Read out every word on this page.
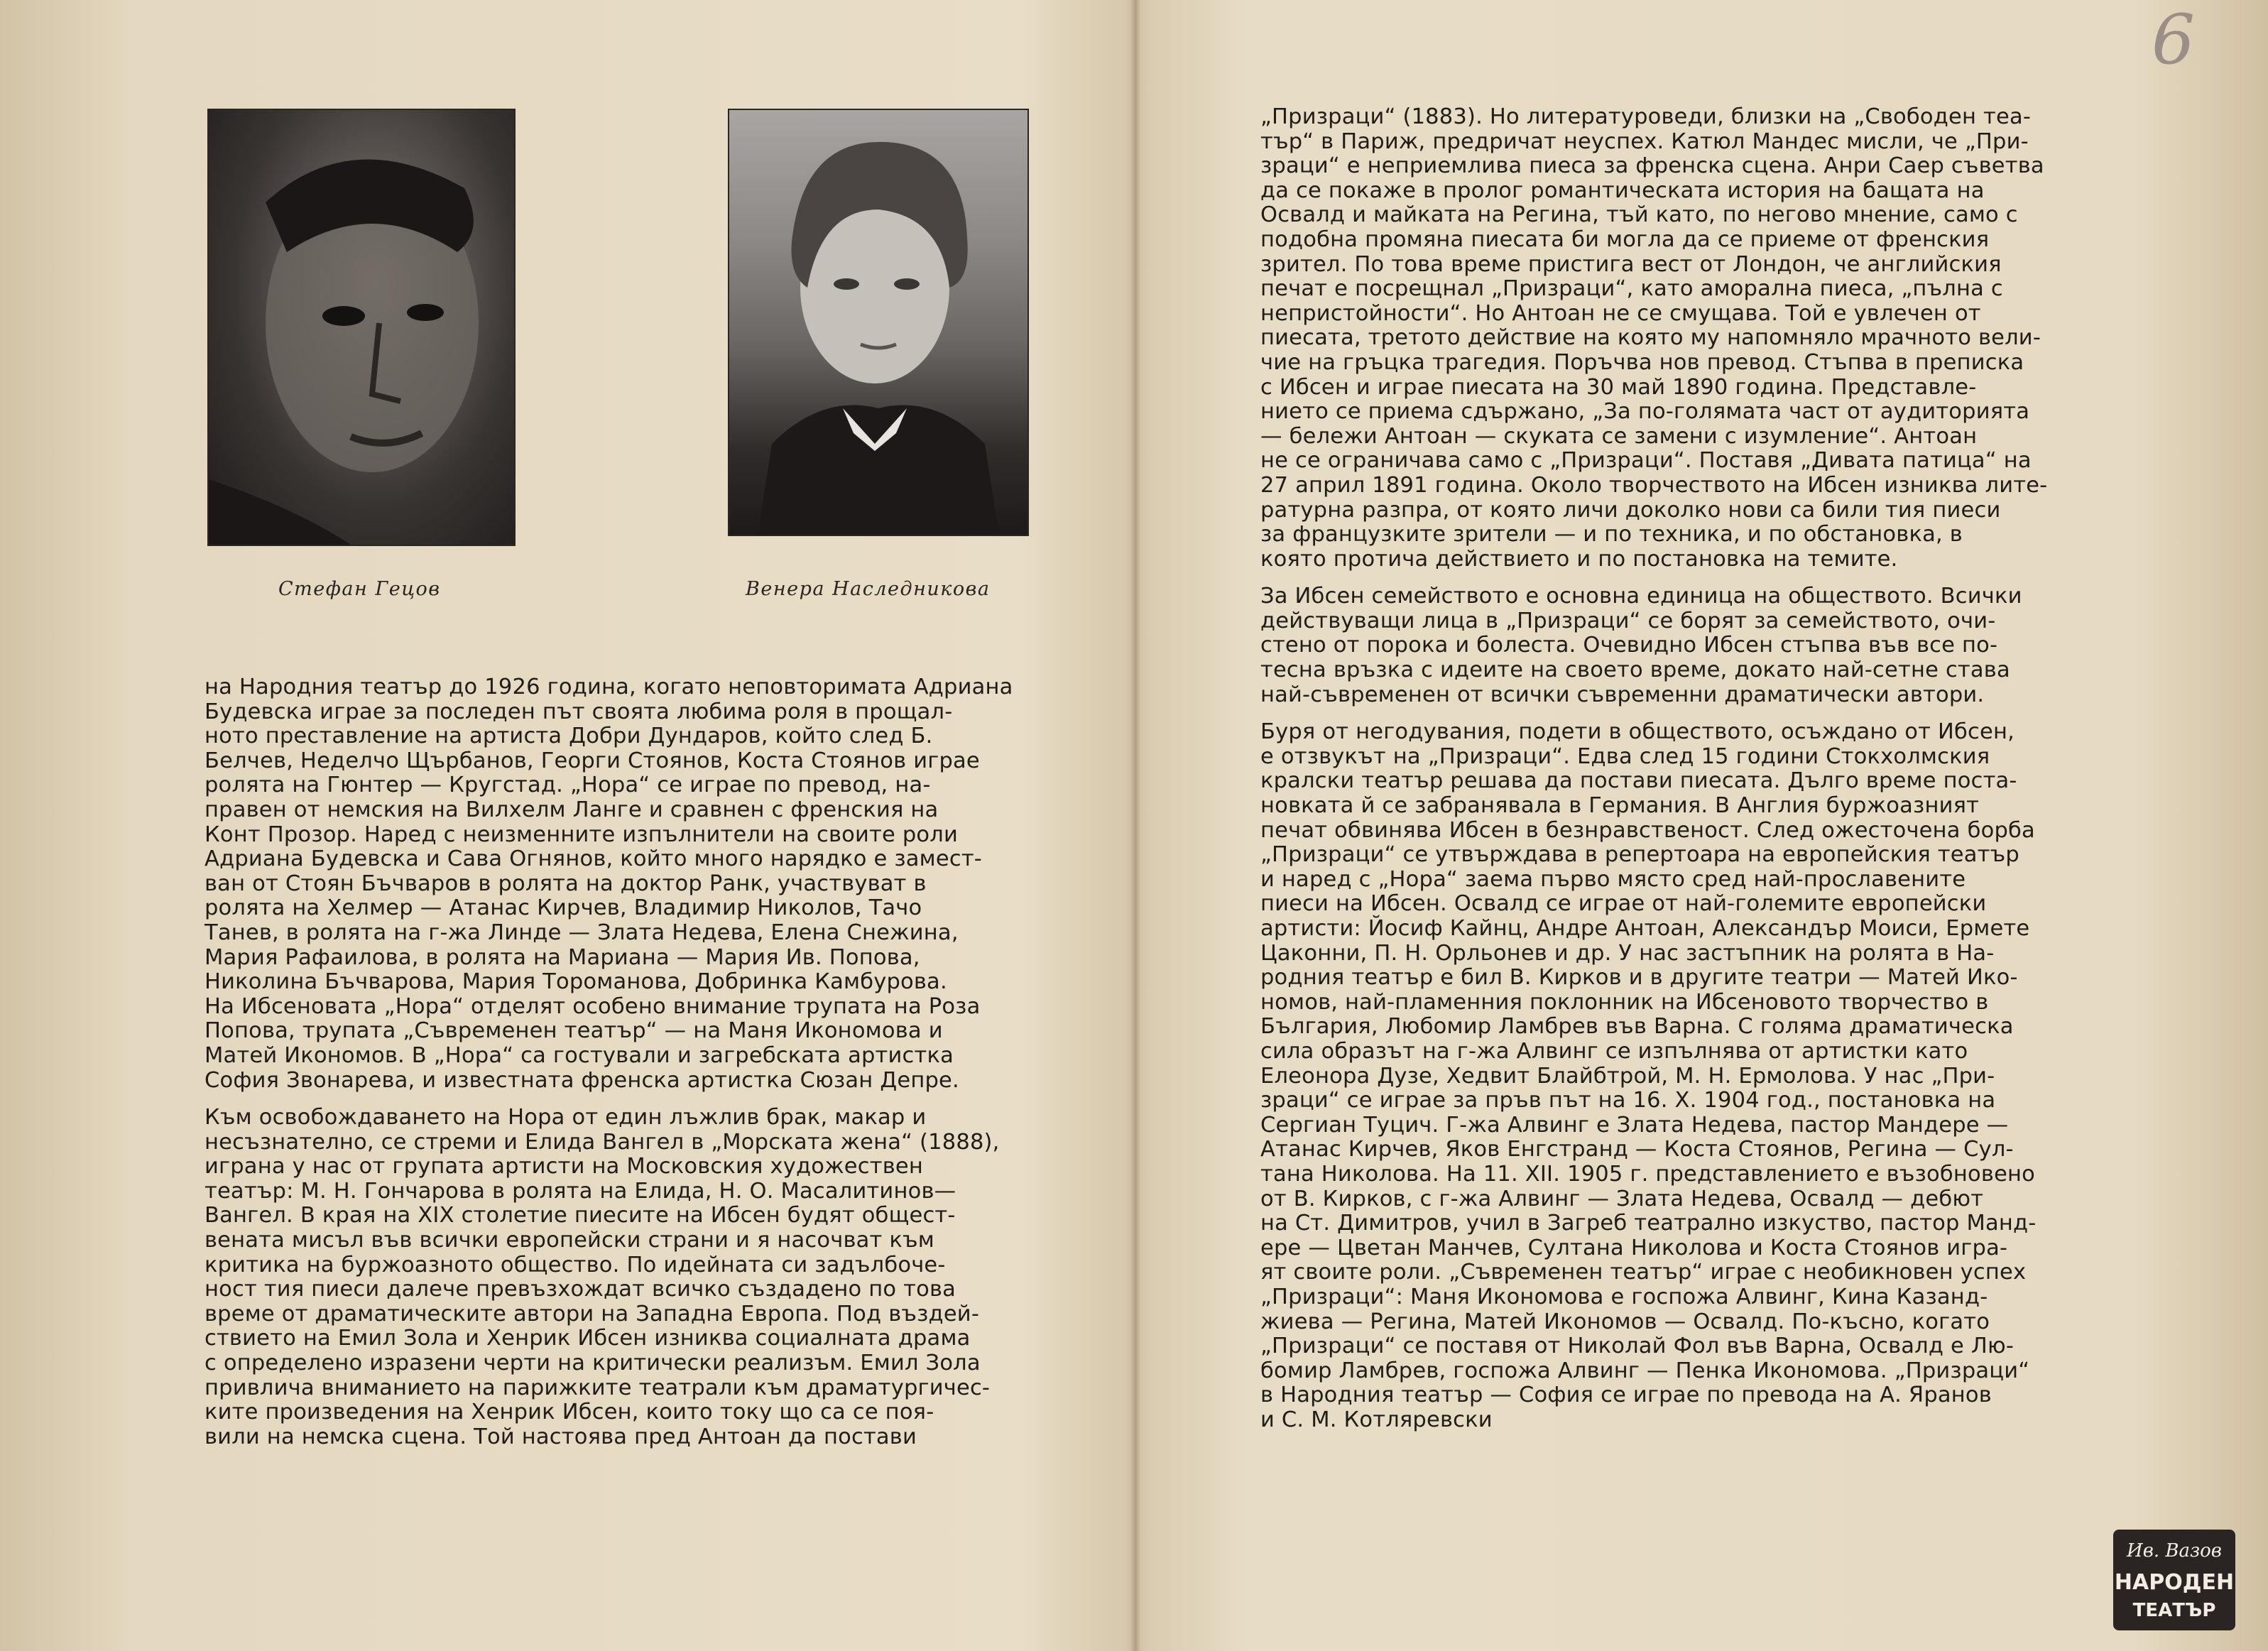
6
Стефан Гецов	Венера Наследникова

на Народния театър до 1926 година, когато неповторимата Адриана

Будевска играе за последен път своята любима роля в прощал-

ното преставление на артиста Добри Дундаров, който след Б.

Белчев, Неделчо Щърбанов, Георги Стоянов, Коста Стоянов играе

ролята на Гюнтер — Кругстад. „Нора“ се играе по превод, на-

правен от немския на Вилхелм Ланге и сравнен с френския на

Конт Прозор. Наред с неизменните изпълнители на своите роли

Адриана Будевска и Сава Огнянов, който много нарядко е замест-

ван от Стоян Бъчваров в ролята на доктор Ранк, участвуват в

ролята на Хелмер — Атанас Кирчев, Владимир Николов, Тачо

Танев, в ролята на г-жа Линде — Злата Недева, Елена Снежина,

Мария Рафаилова, в ролята на Мариана — Мария Ив. Попова,

Николина Бъчварова, Мария Тороманова, Добринка Камбурова.

На Ибсеновата „Нора“ отделят особено внимание трупата на Роза

Попова, трупата „Съвременен театър“ — на Маня Икономова и

Матей Икономов. В „Нора“ са гостували и загребската артистка

София Звонарева, и известната френска артистка Сюзан Депре.

Към освобождаването на Нора от един лъжлив брак, макар и

несъзнателно, се стреми и Елида Вангел в „Морската жена“ (1888),

играна у нас от групата артисти на Московския художествен

театър: М. Н. Гончарова в ролята на Елида, Н. О. Масалитинов—

Вангел. В края на XIX столетие пиесите на Ибсен будят общест-

вената мисъл във всички европейски страни и я насочват към

критика на буржоазното общество. По идейната си задълбоче-

ност тия пиеси далече превъзхождат всичко създадено по това

време от драматическите автори на Западна Европа. Под въздей-

ствието на Емил Зола и Хенрик Ибсен изниква социалната драма

с определено изразени черти на критически реализъм. Емил Зола

привлича вниманието на парижките театрали към драматургичес-

ките произведения на Хенрик Ибсен, които току що са се поя-

вили на немска сцена. Той настоява пред Антоан да постави

„Призраци“ (1883). Но литературоведи, близки на „Свободен теа-

тър“ в Париж, предричат неуспех. Катюл Мандес мисли, че „При-

зраци“ е неприемлива пиеса за френска сцена. Анри Саер съветва

да се покаже в пролог романтическата история на бащата на

Освалд и майката на Регина, тъй като, по негово мнение, само с

подобна промяна пиесата би могла да се приеме от френския

зрител. По това време пристига вест от Лондон, че английския

печат е посрещнал „Призраци“, като аморална пиеса, „пълна с

непристойности“. Но Антоан не се смущава. Той е увлечен от

пиесата, третото действие на която му напомняло мрачното вели-

чие на гръцка трагедия. Поръчва нов превод. Стъпва в преписка

с Ибсен и играе пиесата на 30 май 1890 година. Представле-

нието се приема сдържано, „За по-голямата част от аудиторията

— бележи Антоан — скуката се замени с изумление“. Антоан

не се ограничава само с „Призраци“. Поставя „Дивата патица“ на

27 април 1891 година. Около творчеството на Ибсен изниква лите-

ратурна разпра, от която личи доколко нови са били тия пиеси

за французките зрители — и по техника, и по обстановка, в

която протича действието и по постановка на темите.

За Ибсен семейството е основна единица на обществото. Всички

действуващи лица в „Призраци“ се борят за семейството, очи-

стено от порока и болеста. Очевидно Ибсен стъпва във все по-

тесна връзка с идеите на своето време, докато най-сетне става

най-съвременен от всички съвременни драматически автори.

Буря от негодувания, подети в обществото, осъждано от Ибсен,

е отзвукът на „Призраци“. Едва след 15 години Стокхолмския

кралски театър решава да постави пиесата. Дълго време поста-

новката й се забранявала в Германия. В Англия буржоазният

печат обвинява Ибсен в безнравственост. След ожесточена борба

„Призраци“ се утвърждава в репертоара на европейския театър

и наред с „Нора“ заема първо място сред най-прославените

пиеси на Ибсен. Освалд се играе от най-големите европейски

артисти: Йосиф Кайнц, Андре Антоан, Александър Моиси, Ермете

Цаконни, П. Н. Орльонев и др. У нас застъпник на ролята в На-

родния театър е бил В. Кирков и в другите театри — Матей Ико-

номов, най-пламенния поклонник на Ибсеновото творчество в

България, Любомир Ламбрев във Варна. С голяма драматическа

сила образът на г-жа Алвинг се изпълнява от артистки като

Елеонора Дузе, Хедвит Блайбтрой, М. Н. Ермолова. У нас „При-

зраци“ се играе за пръв път на 16. X. 1904 год., постановка на

Сергиан Туцич. Г-жа Алвинг е Злата Недева, пастор Мандере —

Атанас Кирчев, Яков Енгстранд — Коста Стоянов, Регина — Сул-

тана Николова. На 11. XII. 1905 г. представлението е възобновено

от В. Кирков, с г-жа Алвинг — Злата Недева, Освалд — дебют

на Ст. Димитров, учил в Загреб театрално изкуство, пастор Манд-

ере — Цветан Манчев, Султана Николова и Коста Стоянов игра-

ят своите роли. „Съвременен театър“ играе с необикновен успех

„Призраци“: Маня Икономова е госпожа Алвинг, Кина Казанд-

жиева — Регина, Матей Икономов — Освалд. По-късно, когато

„Призраци“ се поставя от Николай Фол във Варна, Освалд е Лю-

бомир Ламбрев, госпожа Алвинг — Пенка Икономова. „Призраци“

в Народния театър — София се играе по превода на А. Яранов

и С. М. Котляревски

Ив. Вазов
НАРОДЕН
ТЕАТЪР
